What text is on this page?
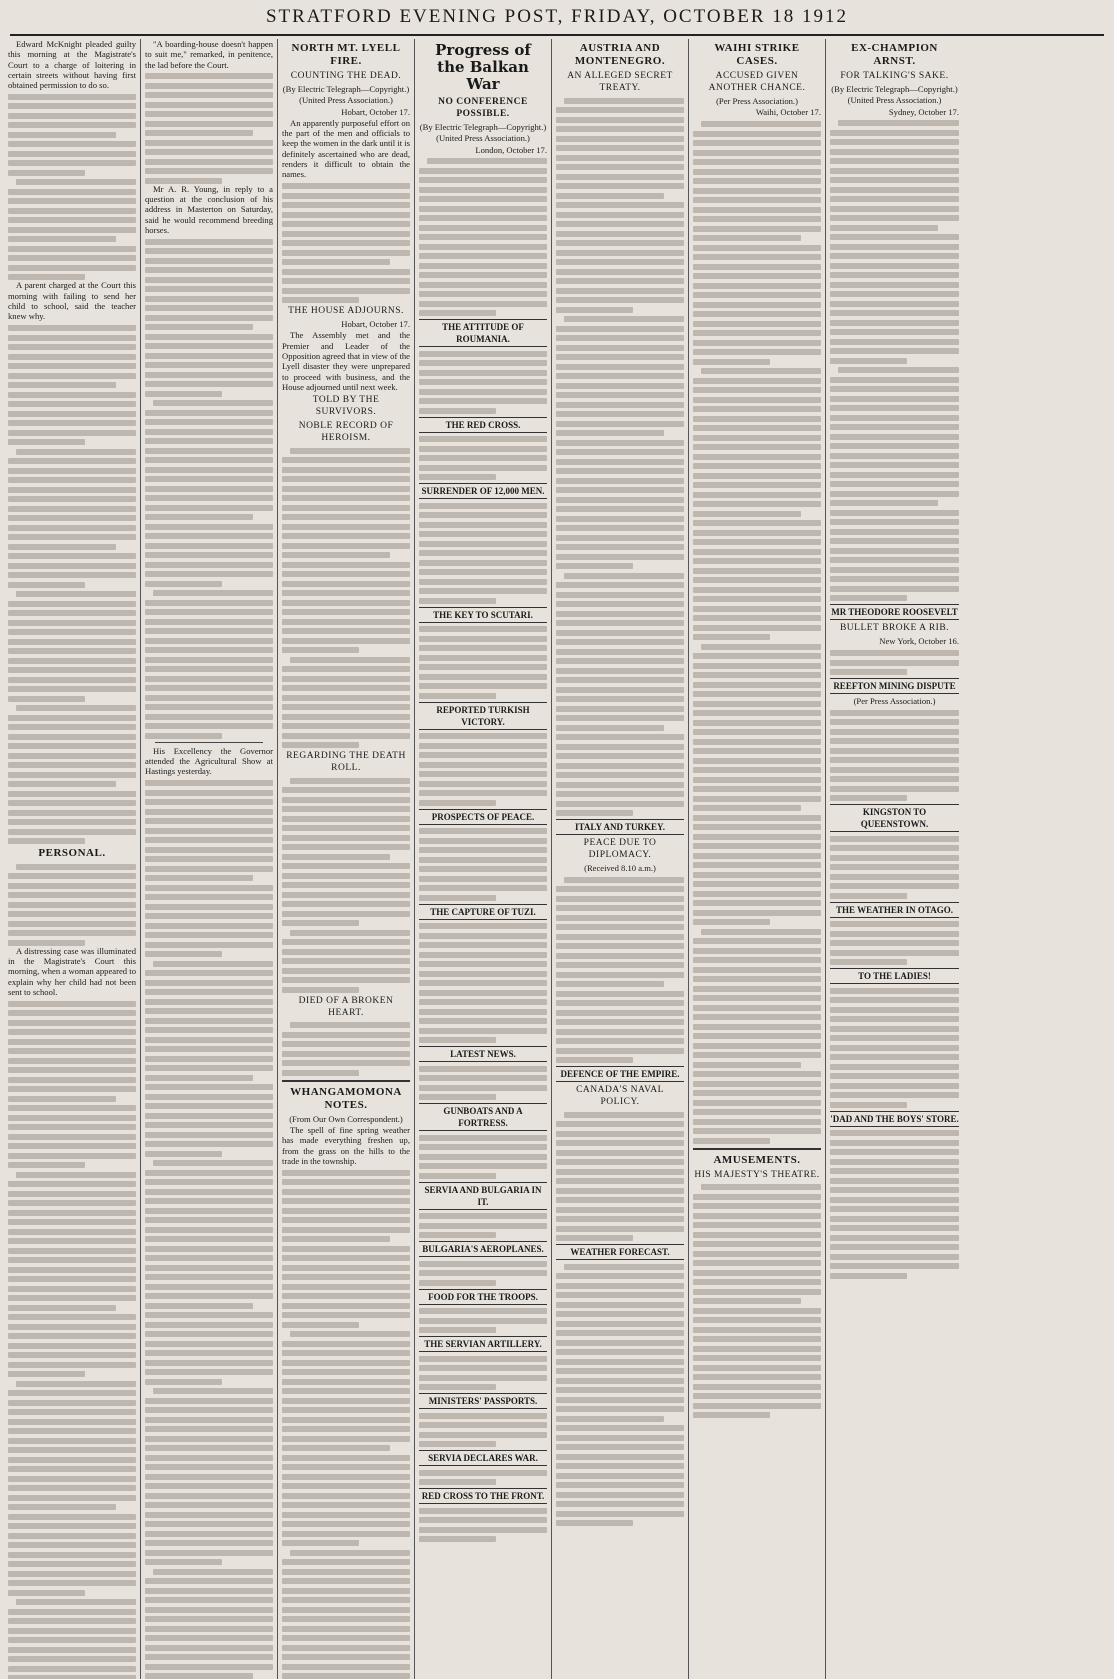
STRATFORD EVENING POST, FRIDAY, OCTOBER 18 1912

Edward McKnight pleaded guilty this morning at the Magistrate's Court to a charge of loitering in certain streets without having first obtained permission to do so.

A parent charged at the Court this morning with failing to send her child to school, said the teacher knew why.

PERSONAL.

A distressing case was illuminated in the Magistrate's Court this morning, when a woman appeared to explain why her child had not been sent to school.

"A boarding-house doesn't happen to suit me," remarked, in penitence, the lad before the Court.

Mr A. R. Young, in reply to a question at the conclusion of his address in Masterton on Saturday, said he would recommend breeding horses.

His Excellency the Governor attended the Agricultural Show at Hastings yesterday.

NORTH MT. LYELL FIRE.
COUNTING THE DEAD.
(By Electric Telegraph—Copyright.)
(United Press Association.)
Hobart, October 17.

An apparently purposeful effort on the part of the men and officials to keep the women in the dark until it is definitely ascertained who are dead, renders it difficult to obtain the names.

THE HOUSE ADJOURNS.
Hobart, October 17.

The Assembly met and the Premier and Leader of the Opposition agreed that in view of the Lyell disaster they were unprepared to proceed with business, and the House adjourned until next week.

TOLD BY THE SURVIVORS.
NOBLE RECORD OF HEROISM.
REGARDING THE DEATH ROLL.
DIED OF A BROKEN HEART.
WHANGAMOMONA NOTES.
(From Our Own Correspondent.)

The spell of fine spring weather has made everything freshen up, from the grass on the hills to the trade in the township.

Progress of the Balkan War
NO CONFERENCE POSSIBLE.
(By Electric Telegraph—Copyright.)
(United Press Association.)
London, October 17.
THE ATTITUDE OF ROUMANIA.
THE RED CROSS.
SURRENDER OF 12,000 MEN.
THE KEY TO SCUTARI.
REPORTED TURKISH VICTORY.
PROSPECTS OF PEACE.
THE CAPTURE OF TUZI.
LATEST NEWS.
GUNBOATS AND A FORTRESS.
SERVIA AND BULGARIA IN IT.
BULGARIA'S AEROPLANES.
FOOD FOR THE TROOPS.
THE SERVIAN ARTILLERY.
MINISTERS' PASSPORTS.
SERVIA DECLARES WAR.
RED CROSS TO THE FRONT.
AUSTRIA AND MONTENEGRO.
AN ALLEGED SECRET TREATY.
ITALY AND TURKEY.
PEACE DUE TO DIPLOMACY.
(Received 8.10 a.m.)
DEFENCE OF THE EMPIRE.
CANADA'S NAVAL POLICY.
WEATHER FORECAST.
WAIHI STRIKE CASES.
ACCUSED GIVEN ANOTHER CHANCE.
(Per Press Association.)
Waihi, October 17.
AMUSEMENTS.
HIS MAJESTY'S THEATRE.
EX-CHAMPION ARNST.
FOR TALKING'S SAKE.
(By Electric Telegraph—Copyright.)
(United Press Association.)
Sydney, October 17.
MR THEODORE ROOSEVELT
BULLET BROKE A RIB.
New York, October 16.
REEFTON MINING DISPUTE
(Per Press Association.)
KINGSTON TO QUEENSTOWN.
THE WEATHER IN OTAGO.
TO THE LADIES!
'DAD AND THE BOYS' STORE.
